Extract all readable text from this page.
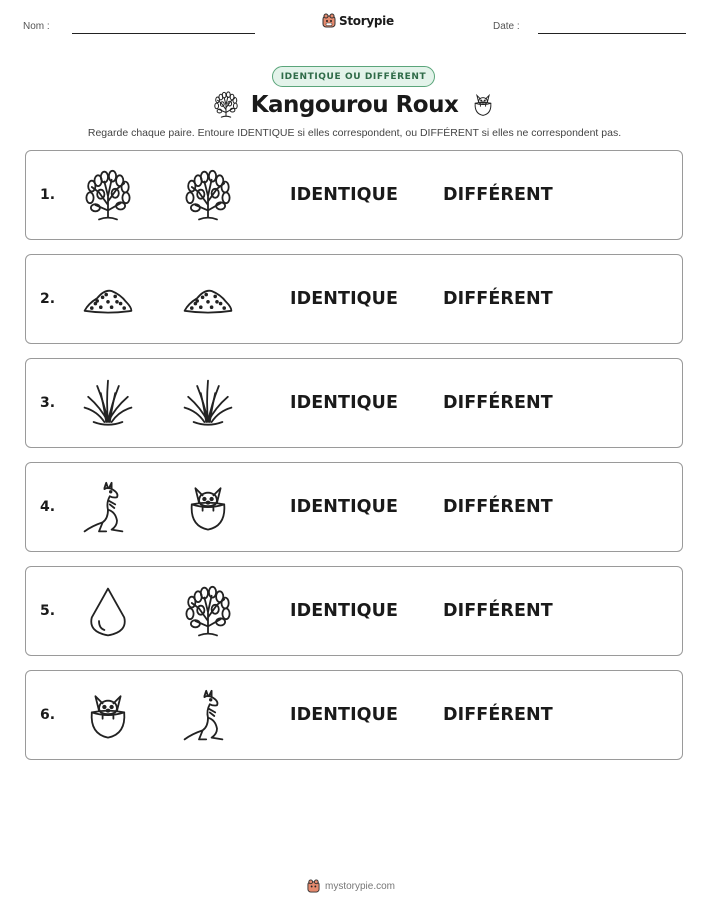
Nom :	Storypie	Date :
IDENTIQUE OU DIFFÉRENT
Kangourou Roux
Regarde chaque paire. Entoure IDENTIQUE si elles correspondent, ou DIFFÉRENT si elles ne correspondent pas.
1.	IDENTIQUE	DIFFÉRENT
2.	IDENTIQUE	DIFFÉRENT
3.	IDENTIQUE	DIFFÉRENT
4.	IDENTIQUE	DIFFÉRENT
5.	IDENTIQUE	DIFFÉRENT
6.	IDENTIQUE	DIFFÉRENT
mystorypie.com
